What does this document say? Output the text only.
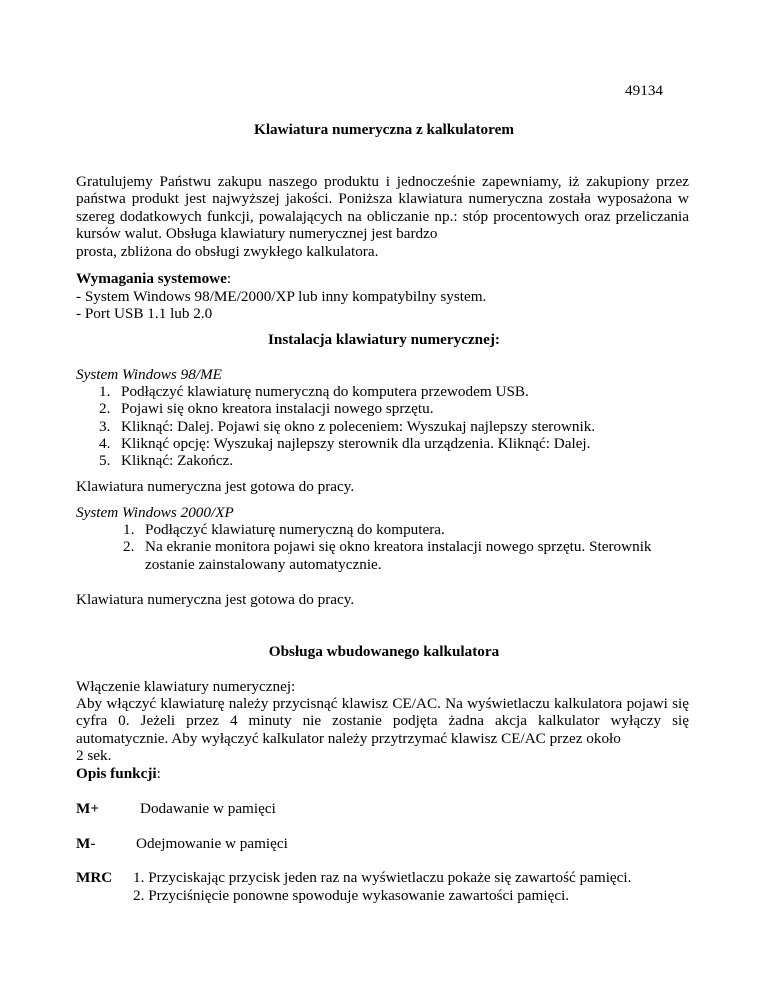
49134
Klawiatura numeryczna z kalkulatorem
Gratulujemy Państwu zakupu naszego produktu i jednocześnie zapewniamy, iż zakupiony przez państwa produkt jest najwyższej jakości. Poniższa klawiatura numeryczna została wyposażona w szereg dodatkowych funkcji, powalających na obliczanie np.: stóp procentowych oraz przeliczania kursów walut. Obsługa klawiatury numerycznej jest bardzo
prosta, zbliżona do obsługi zwykłego kalkulatora.
Wymagania systemowe:
- System Windows 98/ME/2000/XP lub inny kompatybilny system.
- Port USB 1.1 lub 2.0
Instalacja klawiatury numerycznej:
System Windows 98/ME
1. Podłączyć klawiaturę numeryczną do komputera przewodem USB.
2. Pojawi się okno kreatora instalacji nowego sprzętu.
3. Kliknąć: Dalej. Pojawi się okno z poleceniem: Wyszukaj najlepszy sterownik.
4. Kliknąć opcję: Wyszukaj najlepszy sterownik dla urządzenia. Kliknąć: Dalej.
5. Kliknąć: Zakończ.
Klawiatura numeryczna jest gotowa do pracy.
System Windows 2000/XP
1. Podłączyć klawiaturę numeryczną do komputera.
2. Na ekranie monitora pojawi się okno kreatora instalacji nowego sprzętu. Sterownik
zostanie zainstalowany automatycznie.
Klawiatura numeryczna jest gotowa do pracy.
Obsługa wbudowanego kalkulatora
Włączenie klawiatury numerycznej:
Aby włączyć klawiaturę należy przycisnąć klawisz CE/AC. Na wyświetlaczu kalkulatora pojawi się cyfra 0. Jeżeli przez 4 minuty nie zostanie podjęta żadna akcja kalkulator wyłączy się automatycznie. Aby wyłączyć kalkulator należy przytrzymać klawisz CE/AC przez około
2 sek.
Opis funkcji:
M+	Dodawanie w pamięci
M-	Odejmowanie w pamięci
MRC 1. Przyciskając przycisk jeden raz na wyświetlaczu pokaże się zawartość pamięci.
2. Przyciśnięcie ponowne spowoduje wykasowanie zawartości pamięci.
